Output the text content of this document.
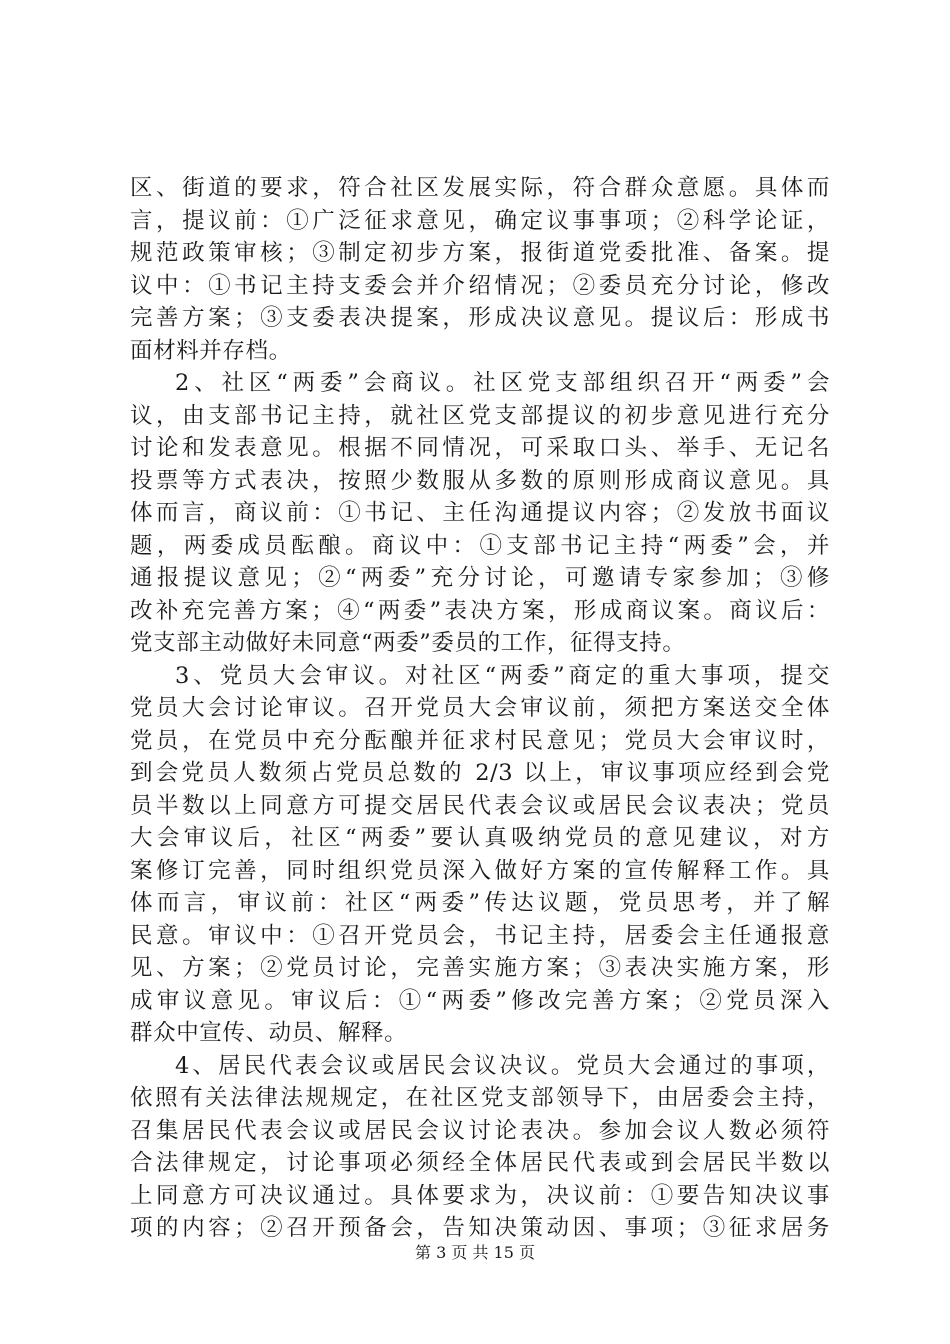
区、街道的要求，符合社区发展实际，符合群众意愿。具体而
言，提议前：①广泛征求意见，确定议事事项；②科学论证，
规范政策审核；③制定初步方案，报街道党委批准、备案。提
议中：①书记主持支委会并介绍情况；②委员充分讨论，修改
完善方案；③支委表决提案，形成决议意见。提议后：形成书
面材料并存档。
2、社区“两委”会商议。社区党支部组织召开“两委”会
议，由支部书记主持，就社区党支部提议的初步意见进行充分
讨论和发表意见。根据不同情况，可采取口头、举手、无记名
投票等方式表决，按照少数服从多数的原则形成商议意见。具
体而言，商议前：①书记、主任沟通提议内容；②发放书面议
题，两委成员酝酿。商议中：①支部书记主持“两委”会，并
通报提议意见；②“两委”充分讨论，可邀请专家参加；③修
改补充完善方案；④“两委”表决方案，形成商议案。商议后：
党支部主动做好未同意“两委”委员的工作，征得支持。
3、党员大会审议。对社区“两委”商定的重大事项，提交
党员大会讨论审议。召开党员大会审议前，须把方案送交全体
党员，在党员中充分酝酿并征求村民意见；党员大会审议时，
到会党员人数须占党员总数的 2/3 以上，审议事项应经到会党
员半数以上同意方可提交居民代表会议或居民会议表决；党员
大会审议后，社区“两委”要认真吸纳党员的意见建议，对方
案修订完善，同时组织党员深入做好方案的宣传解释工作。具
体而言，审议前：社区“两委”传达议题，党员思考，并了解
民意。审议中：①召开党员会，书记主持，居委会主任通报意
见、方案；②党员讨论，完善实施方案；③表决实施方案，形
成审议意见。审议后：①“两委”修改完善方案；②党员深入
群众中宣传、动员、解释。
4、居民代表会议或居民会议决议。党员大会通过的事项，
依照有关法律法规规定，在社区党支部领导下，由居委会主持，
召集居民代表会议或居民会议讨论表决。参加会议人数必须符
合法律规定，讨论事项必须经全体居民代表或到会居民半数以
上同意方可决议通过。具体要求为，决议前：①要告知决议事
项的内容；②召开预备会，告知决策动因、事项；③征求居务
第 3 页 共 15 页
